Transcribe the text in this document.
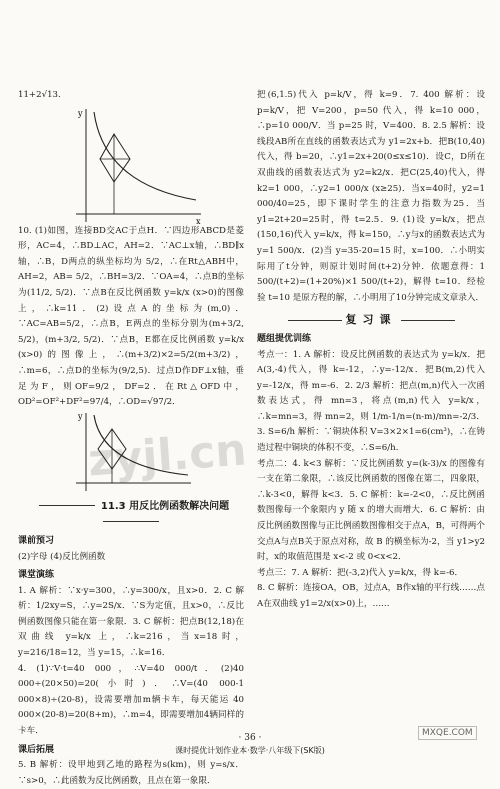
11+2√13.

y
x

10. (1)如图，连接BD交AC于点H．∵四边形ABCD是菱形，AC=4，∴BD⊥AC，AH=2．∵AC⊥x轴，∴BD∥x轴，∴B，D两点的纵坐标均为 5/2，∴在Rt△ABH中，AH=2，AB= 5/2，∴BH=3/2．∵OA=4，∴点B的坐标为(11/2, 5/2)．∵点B在反比例函数 y=k/x (x>0)的图像上，∴k=11．(2)设点A的坐标为(m,0)．∵AC=AB=5/2，∴点B，E两点的坐标分别为(m+3/2, 5/2)，(m+3/2, 5/2)．∵点B，E都在反比例函数 y=k/x (x>0)的图像上，∴(m+3/2)×2=5/2(m+3/2)，∴m=6，∴点D的坐标为(9/2,5)．过点D作DF⊥x轴，垂足为F，则OF=9/2，DF=2．在Rt△OFD中，OD²=OF²+DF²=97/4，∴OD=√97/2．

y
11.3 用反比例函数解决问题
课前预习

(2)字母 (4)反比例函数

课堂演练

1. A 解析：∵x·y=300，∴y=300/x，且x>0．2. C 解析：1/2xy=S，∴y=2S/x．∵S为定值，且x>0，∴反比例函数图像只能在第一象限．3. C 解析：把点B(12,18)在双曲线 y=k/x 上，∴k=216，当x=18时，y=216/18=12，当 y=15，∴k=16．

4. (1)∵V·t=40 000，∴V=40 000/t．(2)40 000÷(20×50)=20(小时)．∴V=(40 000-1 000×8)÷(20-8)，设需要增加m辆卡车，每天能运 40 000×(20-8)=20(8+m)，∴m=4，即需要增加4辆同样的卡车．

课后拓展

5. B 解析：设甲地到乙地的路程为s(km)，则 y=s/x．∵s>0，∴此函数为反比例函数，且点在第一象限．

把(6,1.5)代入 p=k/V，得 k=9．7. 400 解析：设 p=k/V，把 V=200，p=50 代入，得 k=10 000，∴p=10 000/V．当 p=25 时，V=400．8. 2.5 解析：设线段AB所在直线的函数表达式为 y1=2x+b．把B(10,40)代入，得 b=20，∴y1=2x+20(0≤x≤10)．设C，D所在双曲线的函数表达式为 y2=k2/x．把C(25,40)代入，得 k2=1 000，∴y2=1 000/x (x≥25)．当x=40时，y2=1 000/40=25，即下课时学生的注意力指数为25．当 y1=2t+20=25时，得 t=2.5．9. (1)设 y=k/x，把点(150,16)代入 y=k/x，得 k=150，∴y与x的函数表达式为 y=1 500/x．(2)当 y=35-20=15 时，x=100．∴小明实际用了t分钟，则原计划时间(t+2)分钟．依题意得：1 500/(t+2)=(1+20%)×1 500/(t+2)，解得 t=10．经检验 t=10 是原方程的解，∴小明用了10分钟完成文章录入．

复习课
题组提优训练

考点一：1. A 解析：设反比例函数的表达式为 y=k/x．把A(3,-4)代入，得 k=-12，∴y=-12/x．把B(m,2)代入 y=-12/x，得 m=-6．2. 2/3 解析：把点(m,n)代入一次函数表达式，得 mn=3，将点(m,n)代入 y=k/x，∴k=mn=3，得 mn=2，则 1/m-1/n=(n-m)/mn=-2/3．3. S=6/h 解析：∵铜块体积 V=3×2×1=6(cm³)，∴在铸造过程中铜块的体积不变，∴S=6/h．

考点二：4. k<3 解析：∵反比例函数 y=(k-3)/x 的图像有一支在第二象限，∴该反比例函数的图像在第二，四象限，∴k-3<0，解得 k<3．5. C 解析：k=-2<0，∴反比例函数图像每一个象限内 y 随 x 的增大而增大．6. C 解析：由反比例函数图像与正比例函数图像相交于点A，B，可得两个交点A与点B关于原点对称，故 B 的横坐标为-2，当 y1>y2 时，x的取值范围是 x<-2 或 0<x<2．

考点三：7. A 解析：把(-3,2)代入 y=k/x，得 k=-6．

8. C 解析：连接OA，OB，过点A，B作x轴的平行线……点A在双曲线 y1=2/x(x>0)上，……

zyjl.cn
· 36 ·
课时提优计划作业本·数学·八年级下(SK版)
MXQE.COM
